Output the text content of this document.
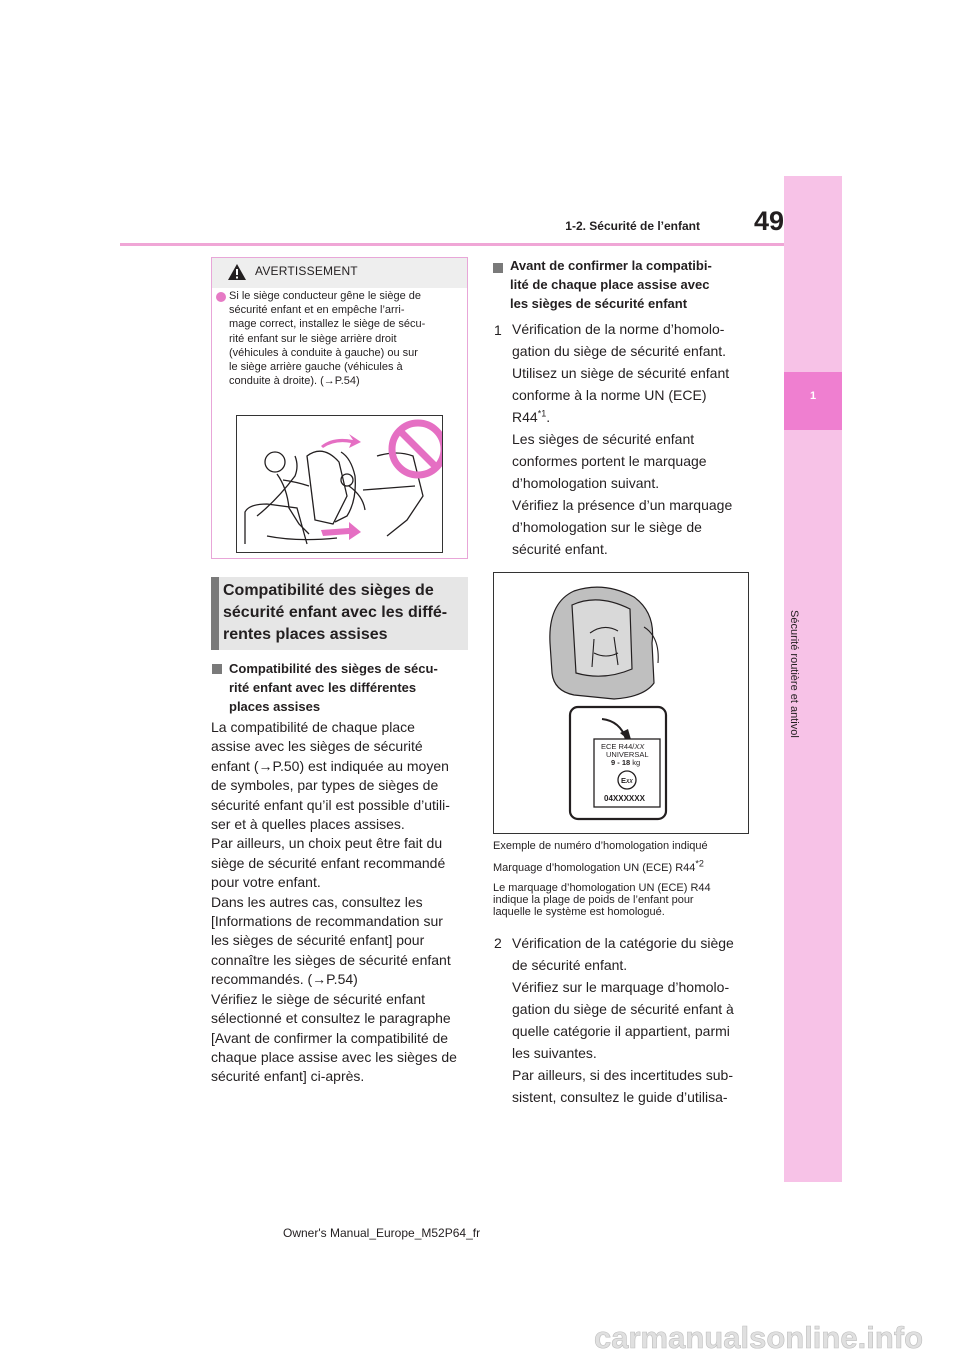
49
1-2. Sécurité de l’enfant
1
Sécurité routière et antivol
AVERTISSEMENT
Si le siège conducteur gêne le siège de
sécurité enfant et en empêche l’arri-
mage correct, installez le siège de sécu-
rité enfant sur le siège arrière droit
(véhicules à conduite à gauche) ou sur
le siège arrière gauche (véhicules à
conduite à droite). (→P.54)
Compatibilité des sièges de
sécurité enfant avec les diffé-
rentes places assises
Compatibilité des sièges de sécu-
rité enfant avec les différentes
places assises
La compatibilité de chaque place
assise avec les sièges de sécurité
enfant (→P.50) est indiquée au moyen
de symboles, par types de sièges de
sécurité enfant qu’il est possible d’utili-
ser et à quelles places assises.
Par ailleurs, un choix peut être fait du
siège de sécurité enfant recommandé
pour votre enfant.
Dans les autres cas, consultez les
[Informations de recommandation sur
les sièges de sécurité enfant] pour
connaître les sièges de sécurité enfant
recommandés. (→P.54)
Vérifiez le siège de sécurité enfant
sélectionné et consultez le paragraphe
[Avant de confirmer la compatibilité de
chaque place assise avec les sièges de
sécurité enfant] ci-après.
Avant de confirmer la compatibi-
lité de chaque place assise avec
les sièges de sécurité enfant
1 Vérification de la norme d’homolo-
gation du siège de sécurité enfant.
Utilisez un siège de sécurité enfant
conforme à la norme UN (ECE)
R44$^{*1}$.
Les sièges de sécurité enfant
conformes portent le marquage
d’homologation suivant.
Vérifiez la présence d’un marquage
d’homologation sur le siège de
sécurité enfant.
ECE R44/XX
UNIVERSAL
9 - 18 kg
EXX
04XXXXXX
Exemple de numéro d’homologation indiqué
Marquage d’homologation UN (ECE) R44$^{*2}$
Le marquage d’homologation UN (ECE) R44
indique la plage de poids de l’enfant pour
laquelle le système est homologué.
2 Vérification de la catégorie du siège
de sécurité enfant.
Vérifiez sur le marquage d’homolo-
gation du siège de sécurité enfant à
quelle catégorie il appartient, parmi
les suivantes.
Par ailleurs, si des incertitudes sub-
sistent, consultez le guide d’utilisa-
Owner's Manual_Europe_M52P64_fr
carmanualsonline.info
